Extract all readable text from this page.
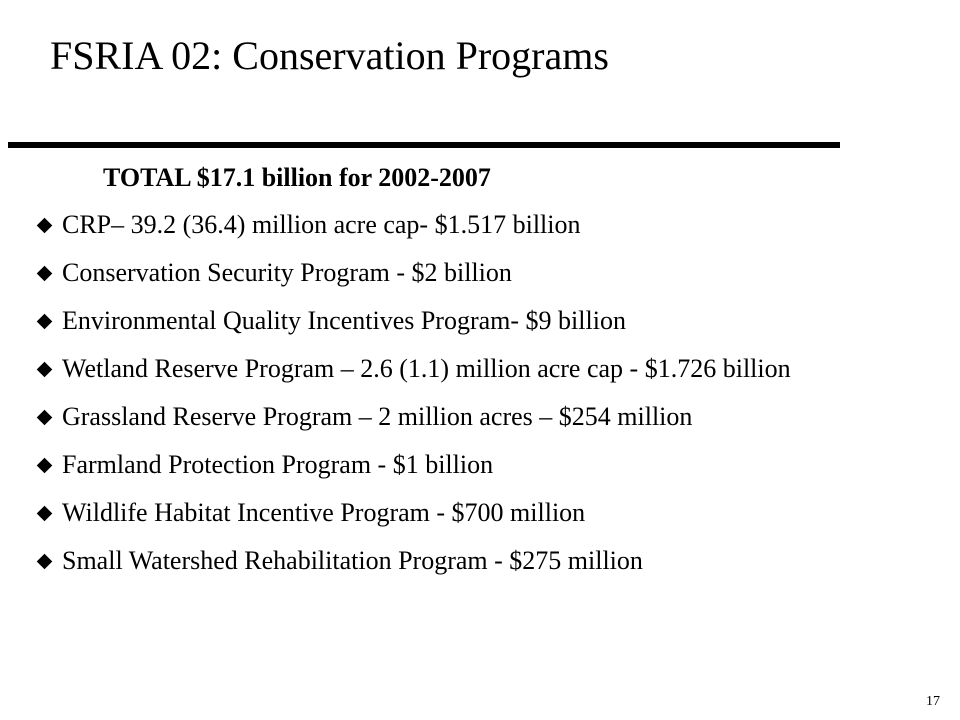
FSRIA 02: Conservation Programs
TOTAL $17.1 billion for 2002-2007
CRP– 39.2 (36.4) million acre cap- $1.517 billion
Conservation Security Program - $2 billion
Environmental Quality Incentives Program- $9 billion
Wetland Reserve Program – 2.6 (1.1) million acre cap - $1.726 billion
Grassland Reserve Program – 2 million acres – $254 million
Farmland Protection Program - $1 billion
Wildlife Habitat Incentive Program - $700 million
Small Watershed Rehabilitation Program - $275 million
17
